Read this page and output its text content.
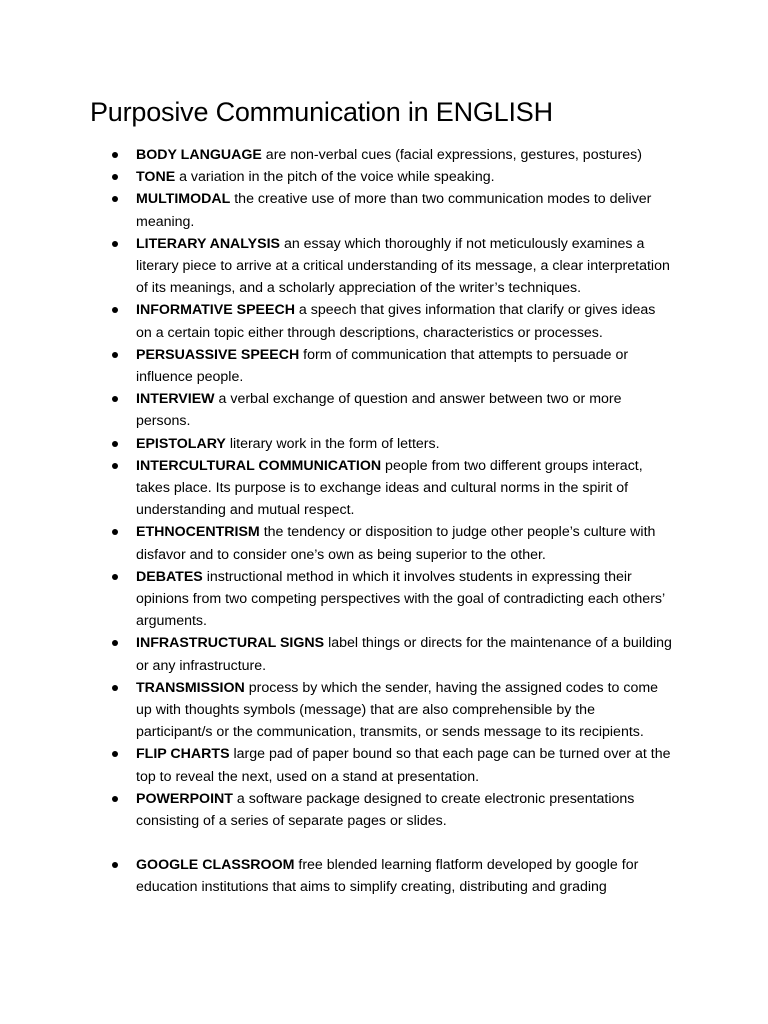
Purposive Communication in ENGLISH
BODY LANGUAGE are non-verbal cues (facial expressions, gestures, postures)
TONE a variation in the pitch of the voice while speaking.
MULTIMODAL the creative use of more than two communication modes to deliver meaning.
LITERARY ANALYSIS an essay which thoroughly if not meticulously examines a literary piece to arrive at a critical understanding of its message, a clear interpretation of its meanings, and a scholarly appreciation of the writer’s techniques.
INFORMATIVE SPEECH a speech that gives information that clarify or gives ideas on a certain topic either through descriptions, characteristics or processes.
PERSUASSIVE SPEECH form of communication that attempts to persuade or influence people.
INTERVIEW a verbal exchange of question and answer between two or more persons.
EPISTOLARY literary work in the form of letters.
INTERCULTURAL COMMUNICATION people from two different groups interact, takes place. Its purpose is to exchange ideas and cultural norms in the spirit of understanding and mutual respect.
ETHNOCENTRISM the tendency or disposition to judge other people’s culture with disfavor and to consider one’s own as being superior to the other.
DEBATES instructional method in which it involves students in expressing their opinions from two competing perspectives with the goal of contradicting each others’ arguments.
INFRASTRUCTURAL SIGNS label things or directs for the maintenance of a building or any infrastructure.
TRANSMISSION process by which the sender, having the assigned codes to come up with thoughts symbols (message) that are also comprehensible by the participant/s or the communication, transmits, or sends message to its recipients.
FLIP CHARTS large pad of paper bound so that each page can be turned over at the top to reveal the next, used on a stand at presentation.
POWERPOINT a software package designed to create electronic presentations consisting of a series of separate pages or slides.
GOOGLE CLASSROOM free blended learning flatform developed by google for education institutions that aims to simplify creating, distributing and grading
